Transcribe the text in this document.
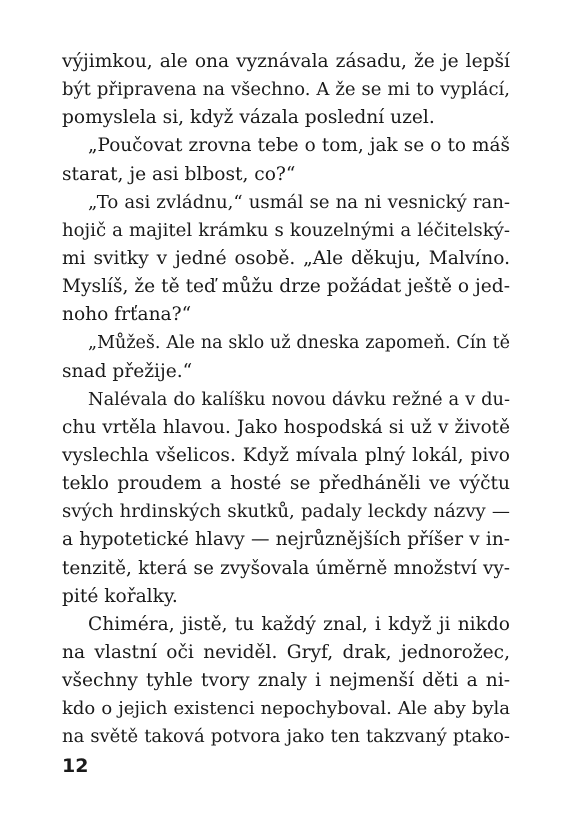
výjimkou, ale ona vyznávala zásadu, že je lepší
být připravena na všechno. A že se mi to vyplácí,
pomyslela si, když vázala poslední uzel.
„Poučovat zrovna tebe o tom, jak se o to máš
starat, je asi blbost, co?“
„To asi zvládnu,“ usmál se na ni vesnický ran-
hojič a majitel krámku s kouzelnými a léčitelský-
mi svitky v jedné osobě. „Ale děkuju, Malvíno.
Myslíš, že tě teď můžu drze požádat ještě o jed-
noho frťana?“
„Můžeš. Ale na sklo už dneska zapomeň. Cín tě
snad přežije.“
Nalévala do kalíšku novou dávku režné a v du-
chu vrtěla hlavou. Jako hospodská si už v životě
vyslechla všelicos. Když mívala plný lokál, pivo
teklo proudem a hosté se předháněli ve výčtu
svých hrdinských skutků, padaly leckdy názvy —
a hypotetické hlavy — nejrůznějších příšer v in-
tenzitě, která se zvyšovala úměrně množství vy-
pité kořalky.
Chiméra, jistě, tu každý znal, i když ji nikdo
na vlastní oči neviděl. Gryf, drak, jednorožec,
všechny tyhle tvory znaly i nejmenší děti a ni-
kdo o jejich existenci nepochyboval. Ale aby byla
na světě taková potvora jako ten takzvaný ptako-
12
